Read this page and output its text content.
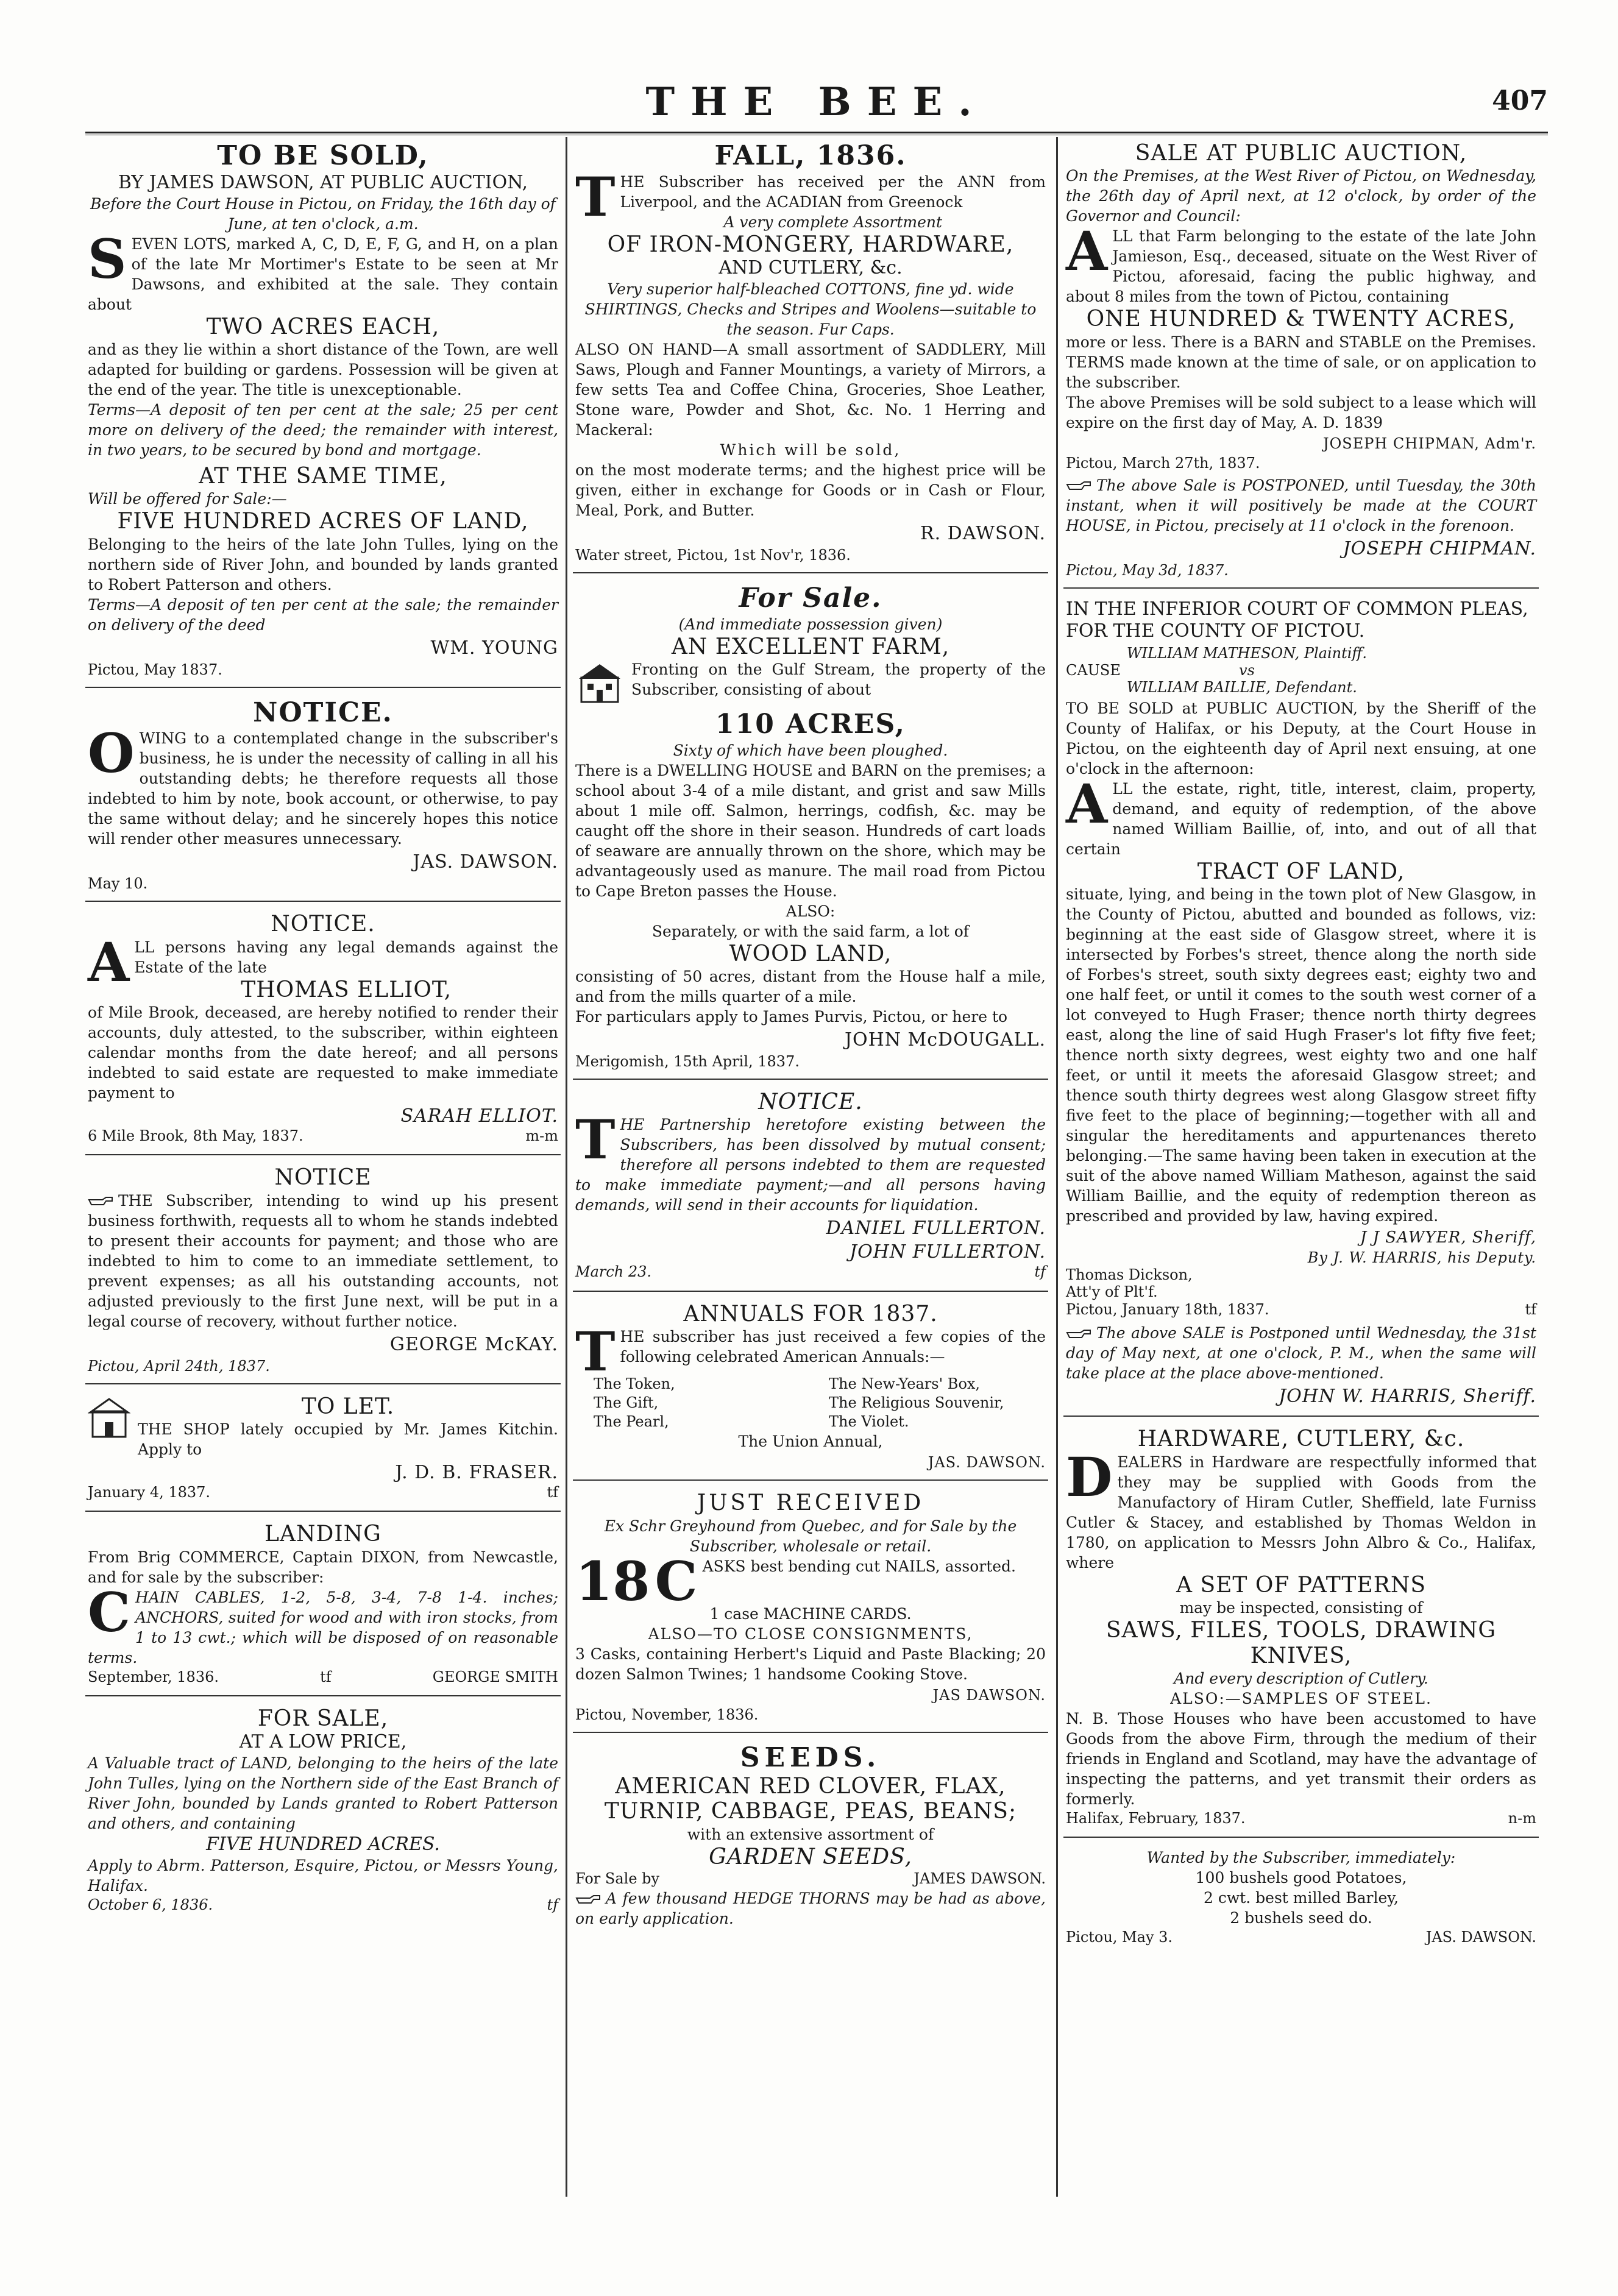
THE BEE.	407
TO BE SOLD,
BY JAMES DAWSON, AT PUBLIC AUCTION,

Before the Court House in Pictou, on Friday, the 16th day of June, at ten o'clock, a.m.

SEVEN LOTS, marked A, C, D, E, F, G, and H, on a plan of the late Mr Mortimer's Estate to be seen at Mr Dawsons, and exhibited at the sale. They contain about

TWO ACRES EACH,

and as they lie within a short distance of the Town, are well adapted for building or gardens. Possession will be given at the end of the year. The title is unexceptionable.

Terms—A deposit of ten per cent at the sale; 25 per cent more on delivery of the deed; the remainder with interest, in two years, to be secured by bond and mortgage.

AT THE SAME TIME,

Will be offered for Sale:—

FIVE HUNDRED ACRES OF LAND,

Belonging to the heirs of the late John Tulles, lying on the northern side of River John, and bounded by lands granted to Robert Patterson and others.

Terms—A deposit of ten per cent at the sale; the remainder on delivery of the deed

WM. YOUNG
Pictou, May 1837.
NOTICE.

OWING to a contemplated change in the subscriber's business, he is under the necessity of calling in all his outstanding debts; he therefore requests all those indebted to him by note, book account, or otherwise, to pay the same without delay; and he sincerely hopes this notice will render other measures unnecessary.

JAS. DAWSON.
May 10.
NOTICE.

ALL persons having any legal demands against the Estate of the late

THOMAS ELLIOT,

of Mile Brook, deceased, are hereby notified to render their accounts, duly attested, to the subscriber, within eighteen calendar months from the date hereof; and all persons indebted to said estate are requested to make immediate payment to

SARAH ELLIOT.
6 Mile Brook, 8th May, 1837.	m-m
NOTICE

THE Subscriber, intending to wind up his present business forthwith, requests all to whom he stands indebted to present their accounts for payment; and those who are indebted to him to come to an immediate settlement, to prevent expenses; as all his outstanding accounts, not adjusted previously to the first June next, will be put in a legal course of recovery, without further notice.

GEORGE McKAY.
Pictou, April 24th, 1837.
TO LET.

THE SHOP lately occupied by Mr. James Kitchin. Apply to

J. D. B. FRASER.
January 4, 1837.	tf
LANDING

From Brig COMMERCE, Captain DIXON, from Newcastle, and for sale by the subscriber:

CHAIN CABLES, 1-2, 5-8, 3-4, 7-8 1-4. inches; ANCHORS, suited for wood and with iron stocks, from 1 to 13 cwt.; which will be disposed of on reasonable terms.

September, 1836.	tf	GEORGE SMITH
FOR SALE,
AT A LOW PRICE,

A Valuable tract of LAND, belonging to the heirs of the late John Tulles, lying on the Northern side of the East Branch of River John, bounded by Lands granted to Robert Patterson and others, and containing

FIVE HUNDRED ACRES.

Apply to Abrm. Patterson, Esquire, Pictou, or Messrs Young, Halifax.

October 6, 1836.	tf
FALL, 1836.

THE Subscriber has received per the ANN from Liverpool, and the ACADIAN from Greenock

A very complete Assortment

OF IRON-MONGERY, HARDWARE,
AND CUTLERY, &c.

Very superior half-bleached COTTONS, fine yd. wide SHIRTINGS, Checks and Stripes and Woolens—suitable to the season. Fur Caps.

ALSO ON HAND—A small assortment of SADDLERY, Mill Saws, Plough and Fanner Mountings, a variety of Mirrors, a few setts Tea and Coffee China, Groceries, Shoe Leather, Stone ware, Powder and Shot, &c. No. 1 Herring and Mackeral:

Which will be sold,

on the most moderate terms; and the highest price will be given, either in exchange for Goods or in Cash or Flour, Meal, Pork, and Butter.

R. DAWSON.
Water street, Pictou, 1st Nov'r, 1836.
For Sale.

(And immediate possession given)

AN EXCELLENT FARM,

Fronting on the Gulf Stream, the property of the Subscriber, consisting of about

110 ACRES,

Sixty of which have been ploughed.

There is a DWELLING HOUSE and BARN on the premises; a school about 3-4 of a mile distant, and grist and saw Mills about 1 mile off. Salmon, herrings, codfish, &c. may be caught off the shore in their season. Hundreds of cart loads of seaware are annually thrown on the shore, which may be advantageously used as manure. The mail road from Pictou to Cape Breton passes the House.

ALSO:

Separately, or with the said farm, a lot of

WOOD LAND,

consisting of 50 acres, distant from the House half a mile, and from the mills quarter of a mile.

For particulars apply to James Purvis, Pictou, or here to

JOHN McDOUGALL.
Merigomish, 15th April, 1837.
NOTICE.

THE Partnership heretofore existing between the Subscribers, has been dissolved by mutual consent; therefore all persons indebted to them are requested to make immediate payment;—and all persons having demands, will send in their accounts for liquidation.

DANIEL FULLERTON.
JOHN FULLERTON.
March 23.	tf
ANNUALS FOR 1837.

THE subscriber has just received a few copies of the following celebrated American Annuals:—

The Token,	The New-Years' Box,
The Gift,	The Religious Souvenir,
The Pearl,	The Violet.

The Union Annual,

JAS. DAWSON.
JUST RECEIVED

Ex Schr Greyhound from Quebec, and for Sale by the Subscriber, wholesale or retail.

18 C ASKS best bending cut NAILS, assorted.

1 case MACHINE CARDS.

ALSO—TO CLOSE CONSIGNMENTS,

3 Casks, containing Herbert's Liquid and Paste Blacking; 20 dozen Salmon Twines; 1 handsome Cooking Stove.

JAS DAWSON.
Pictou, November, 1836.
SEEDS.
AMERICAN RED CLOVER, FLAX,
TURNIP, CABBAGE, PEAS, BEANS;

with an extensive assortment of

GARDEN SEEDS,
For Sale by	JAMES DAWSON.

A few thousand HEDGE THORNS may be had as above, on early application.

SALE AT PUBLIC AUCTION,

On the Premises, at the West River of Pictou, on Wednesday, the 26th day of April next, at 12 o'clock, by order of the Governor and Council:

ALL that Farm belonging to the estate of the late John Jamieson, Esq., deceased, situate on the West River of Pictou, aforesaid, facing the public highway, and about 8 miles from the town of Pictou, containing

ONE HUNDRED & TWENTY ACRES,

more or less. There is a BARN and STABLE on the Premises. TERMS made known at the time of sale, or on application to the subscriber.

The above Premises will be sold subject to a lease which will expire on the first day of May, A. D. 1839

JOSEPH CHIPMAN, Adm'r.
Pictou, March 27th, 1837.

The above Sale is POSTPONED, until Tuesday, the 30th instant, when it will positively be made at the COURT HOUSE, in Pictou, precisely at 11 o'clock in the forenoon.

JOSEPH CHIPMAN.
Pictou, May 3d, 1837.
IN THE INFERIOR COURT OF COMMON PLEAS, FOR THE COUNTY OF PICTOU.
CAUSE
WILLIAM MATHESON, Plaintiff.
vs
WILLIAM BAILLIE, Defendant.

TO BE SOLD at PUBLIC AUCTION, by the Sheriff of the County of Halifax, or his Deputy, at the Court House in Pictou, on the eighteenth day of April next ensuing, at one o'clock in the afternoon:

ALL the estate, right, title, interest, claim, property, demand, and equity of redemption, of the above named William Baillie, of, into, and out of all that certain

TRACT OF LAND,

situate, lying, and being in the town plot of New Glasgow, in the County of Pictou, abutted and bounded as follows, viz: beginning at the east side of Glasgow street, where it is intersected by Forbes's street, thence along the north side of Forbes's street, south sixty degrees east; eighty two and one half feet, or until it comes to the south west corner of a lot conveyed to Hugh Fraser; thence north thirty degrees east, along the line of said Hugh Fraser's lot fifty five feet; thence north sixty degrees, west eighty two and one half feet, or until it meets the aforesaid Glasgow street; and thence south thirty degrees west along Glasgow street fifty five feet to the place of beginning;—together with all and singular the hereditaments and appurtenances thereto belonging.—The same having been taken in execution at the suit of the above named William Matheson, against the said William Baillie, and the equity of redemption thereon as prescribed and provided by law, having expired.

J J SAWYER, Sheriff,
By J. W. HARRIS, his Deputy.
Thomas Dickson,
Att'y of Plt'f.
Pictou, January 18th, 1837.	tf

The above SALE is Postponed until Wednesday, the 31st day of May next, at one o'clock, P. M., when the same will take place at the place above-mentioned.

JOHN W. HARRIS, Sheriff.
HARDWARE, CUTLERY, &c.

DEALERS in Hardware are respectfully informed that they may be supplied with Goods from the Manufactory of Hiram Cutler, Sheffield, late Furniss Cutler & Stacey, and established by Thomas Weldon in 1780, on application to Messrs John Albro & Co., Halifax, where

A SET OF PATTERNS

may be inspected, consisting of

SAWS, FILES, TOOLS, DRAWING KNIVES,

And every description of Cutlery.

ALSO:—SAMPLES OF STEEL.

N. B. Those Houses who have been accustomed to have Goods from the above Firm, through the medium of their friends in England and Scotland, may have the advantage of inspecting the patterns, and yet transmit their orders as formerly.

Halifax, February, 1837.	n-m

Wanted by the Subscriber, immediately:

100 bushels good Potatoes,

2 cwt. best milled Barley,

2 bushels seed do.

Pictou, May 3.	JAS. DAWSON.
